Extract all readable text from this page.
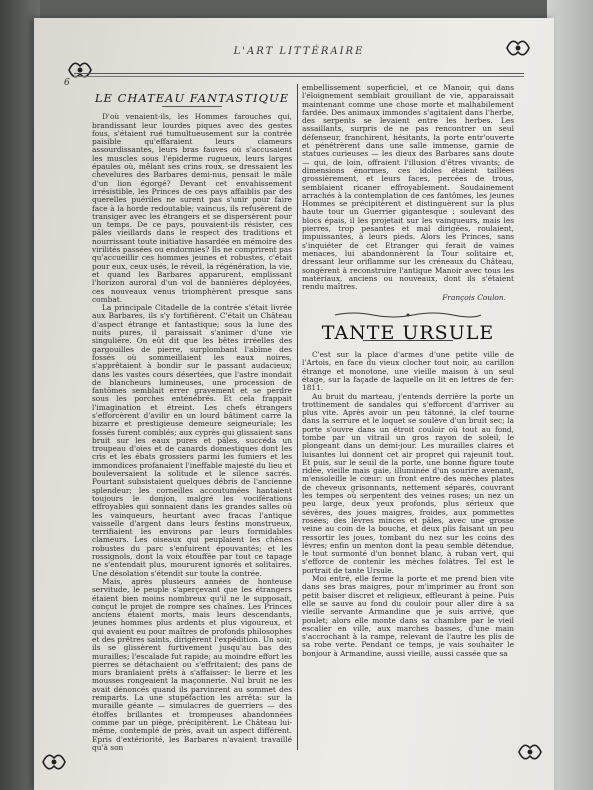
L'ART LITTÉRAIRE
6
LE CHATEAU FANTASTIQUE

D'où venaient-ils, les Hommes farouches qui, brandissant leur lourdes piques avec des gestes fous, s'étaient rué tumultueusement sur la contrée paisible qu'effaraient leurs clameurs assourdissantes, leurs bras fauves où s'accusaient les muscles sous l'épiderme rugueux, leurs larges épaules où, mêlant ses crins roux, se dressaient les chevelures des Barbares demi-nus, pensait le mâle d'un lion égorgé? Devant cet envahissement irrésistible, les Princes de ces pays affaiblis par des querelles puériles ne surent pas s'unir pour faire face à la horde redoutable; vaincus, ils refusèrent de transiger avec les étrangers et se dispersèrent pour un temps. De ce pays, pouvaient-ils résister, ces pâles vieillards dans le respect des traditions et nourrissant toute initiative hasardée en mémoire des virilités passées ou endormies? Ils ne comprirent pas qu'accueillir ces hommes jeunes et robustes, c'était pour eux, ceux usés, le réveil, la régénération, la vie, et quand les Barbares apparurent, emplissant l'horizon auroral d'un vol de bannières déployées, ces nouveaux venus triomphèrent presque sans combat.

La principale Citadelle de la contrée s'était livrée aux Barbares, ils s'y fortifièrent. C'était un Château d'aspect étrange et fantastique; sous la lune des nuits pures, il paraissait s'animer d'une vie singulière. On eût dit que les bêtes irréelles des gargouilles de pierre, surplombant l'abîme des fossés où sommeillaient les eaux noires, s'apprêtaient à bondir sur le passant audacieux; dans les vastes cours désertées, que l'astre inondait de blancheurs lumineuses, une procession de fantômes semblait errer gravement et se perdre sous les porches enténébrés. Et cela frappait l'imagination et étreint. Les chefs étrangers s'efforcèrent d'avilir en un lourd bâtiment carré la bizarre et prestigieuse demeure seigneuriale; les fossés furent comblés; aux cyprès qui glissaient sans bruit sur les eaux pures et pâles, succéda un troupeau d'oies et de canards domestiques dont les cris et les ébats grossiers parmi les fumiers et les immondices profanaient l'ineffable majesté du lieu et bouleversaient la solitude et le silence sacrés. Pourtant subsistaient quelques débris de l'ancienne splendeur; les corneilles accoutumées hantaient toujours le donjon, malgré les vociférations effroyables qui sonnaient dans les grandes salles où les vainqueurs, heurtant avec fracas l'antique vaisselle d'argent dans leurs festins monstrueux, terrifiaient les environs par leurs formidables clameurs. Les oiseaux qui peuplaient les chênes robustes du parc s'enfuirent épouvantés; et les rossignols, dont la voix étouffée par tout ce tapage ne s'entendait plus, moururent ignorés et solitaires. Une désolation s'étendit sur toute la contrée.

Mais, après plusieurs années de honteuse servitude, le peuple s'aperçevant que les étrangers étaient bien moins nombreux qu'il ne le supposait, conçut le projet de rompre ses chaînes. Les Princes anciens étaient morts, mais leurs descendants, jeunes hommes plus ardents et plus vigoureux, et qui avaient eu pour maîtres de profonds philosophes et des prêtres saints, dirigèrent l'expédition. Un soir, ils se glissèrent furtivement jusqu'au bas des murailles; l'escalade fut rapide; au moindre effort les pierres se détachaient ou s'effritaient; des pans de murs branlaient prêts à s'affaisser: le lierre et les mousses rongeaient la maçonnerie. Nul bruit ne les avait dénoncés quand ils parvinrent au sommet des remparts. La une stupéfaction les arrêta: sur la muraille géante — simulacres de guerriers — des étoffes brillantes et trompeuses abandonnées comme par un piège, précipitèrent. Le Château lui-même, contemplé de près, avait un aspect différent. Epris d'extériorité, les Barbares n'avaient travaillé qu'à son

embellissement superficiel, et ce Manoir, qui dans l'éloignement semblait grouillant de vie, apparaissait maintenant comme une chose morte et malhabilement fardée. Des animaux immondes s'agitaient dans l'herbe, des serpents se levaient entre les herbes. Les assaillants, surpris de ne pas rencontrer un seul défenseur, franchirent, hésitants, la porte entr'ouverte et pénétrèrent dans une salle immense, garnie de statues curieuses — les dieux des Barbares sans doute — qui, de loin, offraient l'illusion d'êtres vivants; de dimensions énormes, ces idoles étaient taillées grossièrement, et leurs faces, percées de trous, semblaient ricaner effroyablement. Soudainement arrachés à la contemplation de ces fantômes, les jeunes Hommes se précipitèrent et distinguèrent sur la plus haute tour un Guerrier gigantesque : soulevant des blocs épais, il les projetait sur les vainqueurs, mais les pierres, trop pesantes et mal dirigées, roulaient, impuissantes, à leurs pieds. Alors les Princes, sans s'inquiéter de cet Etranger qui ferait de vaines menaces, lui abandonnèrent la Tour solitaire et, dressant leur oriflamme sur les créneaux du Château, songèrent à reconstruire l'antique Manoir avec tous les matériaux, anciens ou nouveaux, dont ils s'étaient rendu maîtres.

François Coulon.
TANTE URSULE

C'est sur la place d'armes d'une petite ville de l'Artois, en face du vieux clocher tout noir, au carillon étrange et monotone, une vieille maison à un seul étage, sur la façade de laquelle on lit en lettres de fer: 1811.

Au bruit du marteau, j'entends derrière la porte un trottinement de sandales qui s'efforcent d'arriver au plus vite. Après avoir un peu tâtonné, la clef tourne dans la serrure et le loquet se soulève d'un bruit sec; la porte s'ouvre dans un étroit couloir où tout au fond, tombe par un vitrail un gros rayon de soleil, le plongeant dans un demi-jour. Les murailles claires et luisantes lui donnent cet air propret qui rajeunit tout. Et puis, sur le seuil de la porte, une bonne figure toute ridée, vieille mais gaie, illuminée d'un sourire avenant, m'ensoleille le cœur: un front entre des mèches plates de cheveux grisonnants, nettement séparés, couvrant les tempes où serpentent des veines roses; un nez un peu large, deux yeux profonds, plus sérieux que sévères, des joues maigres, froides, aux pommettes rosées; des lèvres minces et pâles, avec une grosse veine au coin de la bouche, et deux plis faisant un peu ressortir les joues, tombant du nez sur les coins des lèvres; enfin un menton dont la peau semble détendue, le tout surmonté d'un bonnet blanc, à ruban vert, qui s'efforce de contenir les mèches folâtres. Tel est le portrait de tante Ursule.

Moi entré, elle ferme la porte et me prend bien vite dans ses bras maigres, pour m'imprimer au front son petit baiser discret et religieux, effleurant à peine. Puis elle se sauve au fond du couloir pour aller dire à sa vieille servante Armandine que je suis arrivé, que poulet; alors elle monte dans sa chambre par le vieil escalier en ville, aux marches basses, d'une main s'accrochant à la rampe, relevant de l'autre les plis de sa robe verte. Pendant ce temps, je vais souhaiter le bonjour à Armandine, aussi vieille, aussi cassée que sa
